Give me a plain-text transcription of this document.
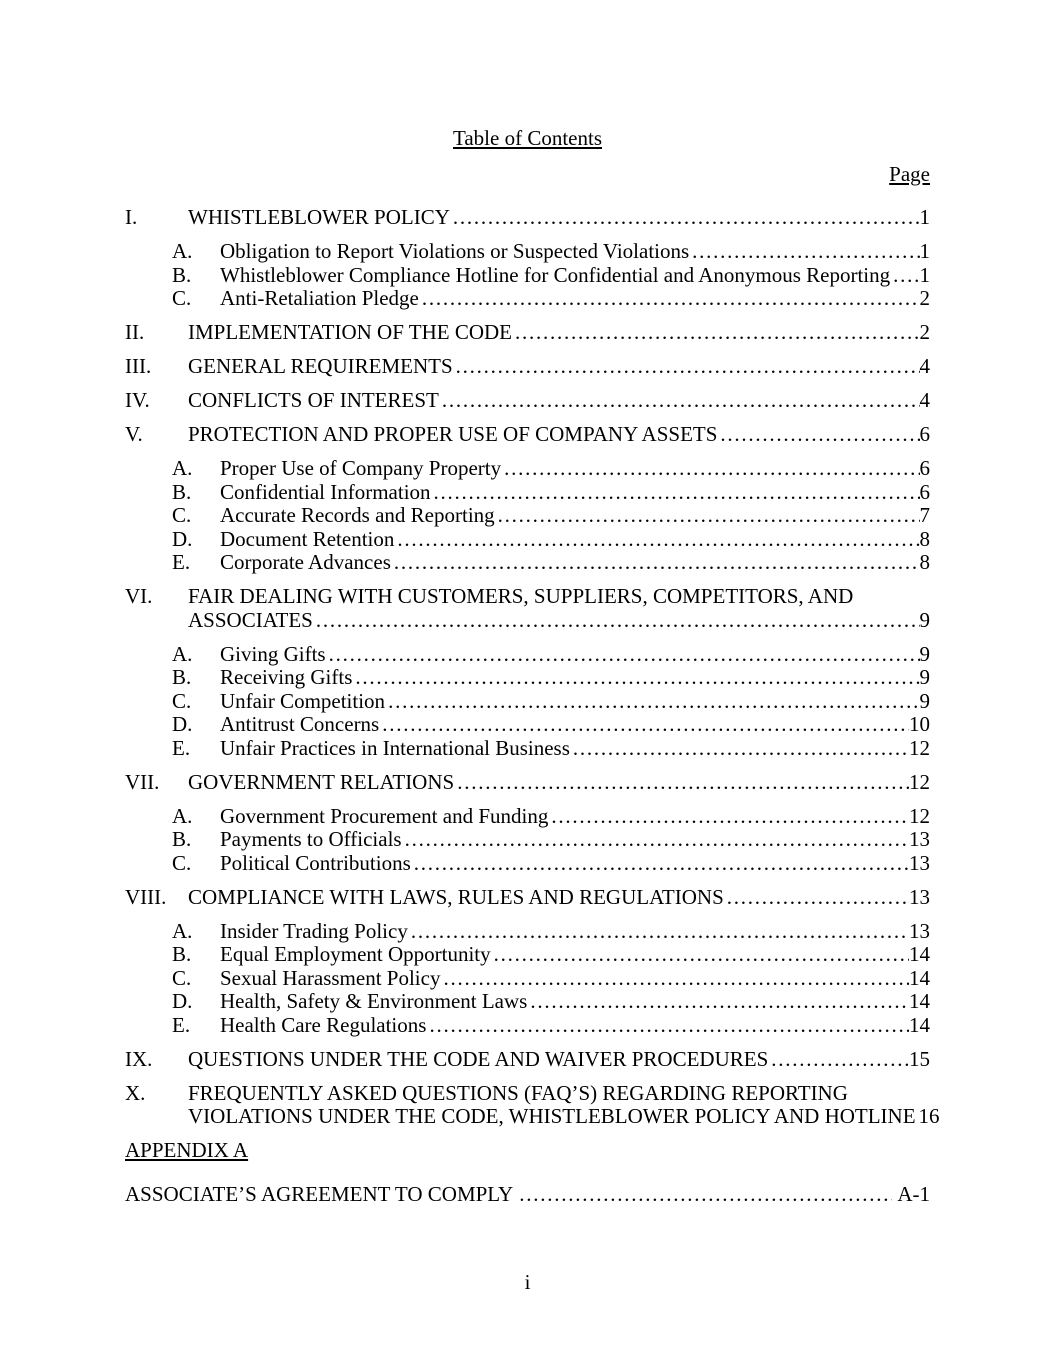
Table of Contents
Page
I.	WHISTLEBLOWER POLICY .....	1
A.	Obligation to Report Violations or Suspected Violations .....	1
B.	Whistleblower Compliance Hotline for Confidential and Anonymous Reporting ..... 1
C.	Anti-Retaliation Pledge .....	2
II.	IMPLEMENTATION OF THE CODE .....	2
III.	GENERAL REQUIREMENTS .....	4
IV.	CONFLICTS OF INTEREST .....	4
V.	PROTECTION AND PROPER USE OF COMPANY ASSETS .....	6
A.	Proper Use of Company Property .....	6
B.	Confidential Information .....	6
C.	Accurate Records and Reporting .....	7
D.	Document Retention .....	8
E.	Corporate Advances .....	8
VI.	FAIR DEALING WITH CUSTOMERS, SUPPLIERS, COMPETITORS, AND
ASSOCIATES .....	9
A.	Giving Gifts .....	9
B.	Receiving Gifts .....	9
C.	Unfair Competition .....	9
D.	Antitrust Concerns .....	10
E.	Unfair Practices in International Business .....	12
VII.	GOVERNMENT RELATIONS .....	12
A.	Government Procurement and Funding .....	12
B.	Payments to Officials .....	13
C.	Political Contributions .....	13
VIII.	COMPLIANCE WITH LAWS, RULES AND REGULATIONS .....	13
A.	Insider Trading Policy .....	13
B.	Equal Employment Opportunity .....	14
C.	Sexual Harassment Policy .....	14
D.	Health, Safety & Environment Laws .....	14
E.	Health Care Regulations .....	14
IX.	QUESTIONS UNDER THE CODE AND WAIVER PROCEDURES .....	15
X.	FREQUENTLY ASKED QUESTIONS (FAQ’S) REGARDING REPORTING
VIOLATIONS UNDER THE CODE, WHISTLEBLOWER POLICY AND HOTLINE 16
APPENDIX A
ASSOCIATE’S AGREEMENT TO COMPLY .....	A-1
i
